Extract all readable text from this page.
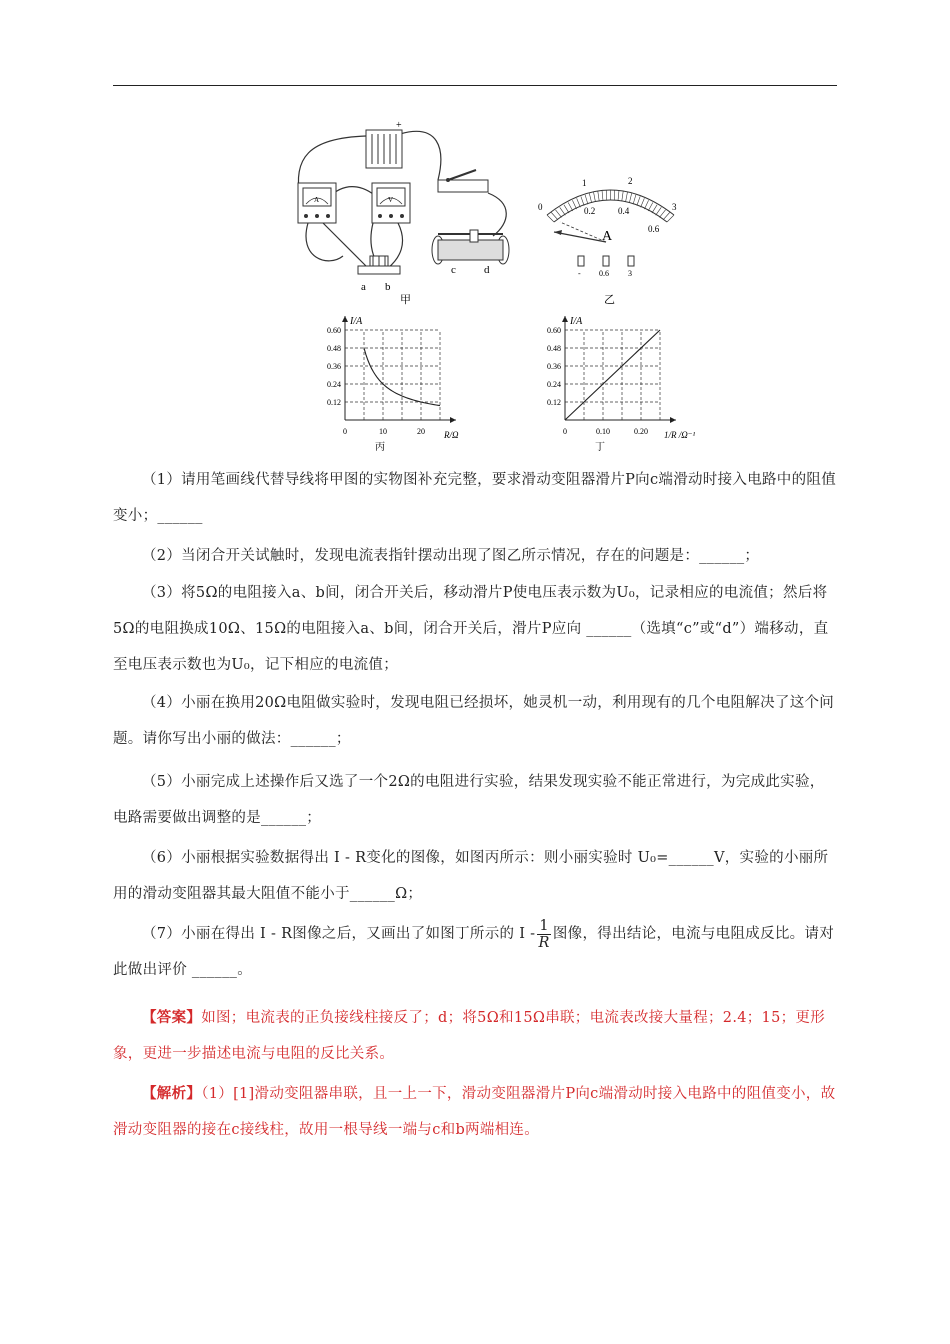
+
A	V
a b
c	d
甲
0
1	2
3
0.2	0.4
0.6
A
- 0.6 3
乙
0.12
0.24
0.36
0.48
0.60
0	10	20
I/A
R/Ω
丙
0.12
0.24
0.36
0.48
0.60
0	0.10	0.20
I/A
1/R /Ω⁻¹
丁

（1）请用笔画线代替导线将甲图的实物图补充完整，要求滑动变阻器滑片P向c端滑动时接入电路中的阻值变小；______

（2）当闭合开关试触时，发现电流表指针摆动出现了图乙所示情况，存在的问题是：______；

（3）将5Ω的电阻接入a、b间，闭合开关后，移动滑片P使电压表示数为U₀，记录相应的电流值；然后将5Ω的电阻换成10Ω、15Ω的电阻接入a、b间，闭合开关后，滑片P应向 ______（选填“c”或“d”）端移动，直至电压表示数也为U₀，记下相应的电流值；

（4）小丽在换用20Ω电阻做实验时，发现电阻已经损坏，她灵机一动，利用现有的几个电阻解决了这个问题。请你写出小丽的做法：______；

（5）小丽完成上述操作后又选了一个2Ω的电阻进行实验，结果发现实验不能正常进行，为完成此实验，电路需要做出调整的是______；

（6）小丽根据实验数据得出 I - R变化的图像，如图丙所示：则小丽实验时 U₀=______V，实验的小丽所用的滑动变阻器其最大阻值不能小于______Ω；

（7）小丽在得出 I - R图像之后，又画出了如图丁所示的 I - $\frac{1}{R}$ 图像，得出结论，电流与电阻成反比。请对此做出评价 ______。

【答案】如图；电流表的正负接线柱接反了；d；将5Ω和15Ω串联；电流表改接大量程；2.4；15；更形象，更进一步描述电流与电阻的反比关系。

【解析】（1）[1]滑动变阻器串联，且一上一下，滑动变阻器滑片P向c端滑动时接入电路中的阻值变小，故滑动变阻器的接在c接线柱，故用一根导线一端与c和b两端相连。
